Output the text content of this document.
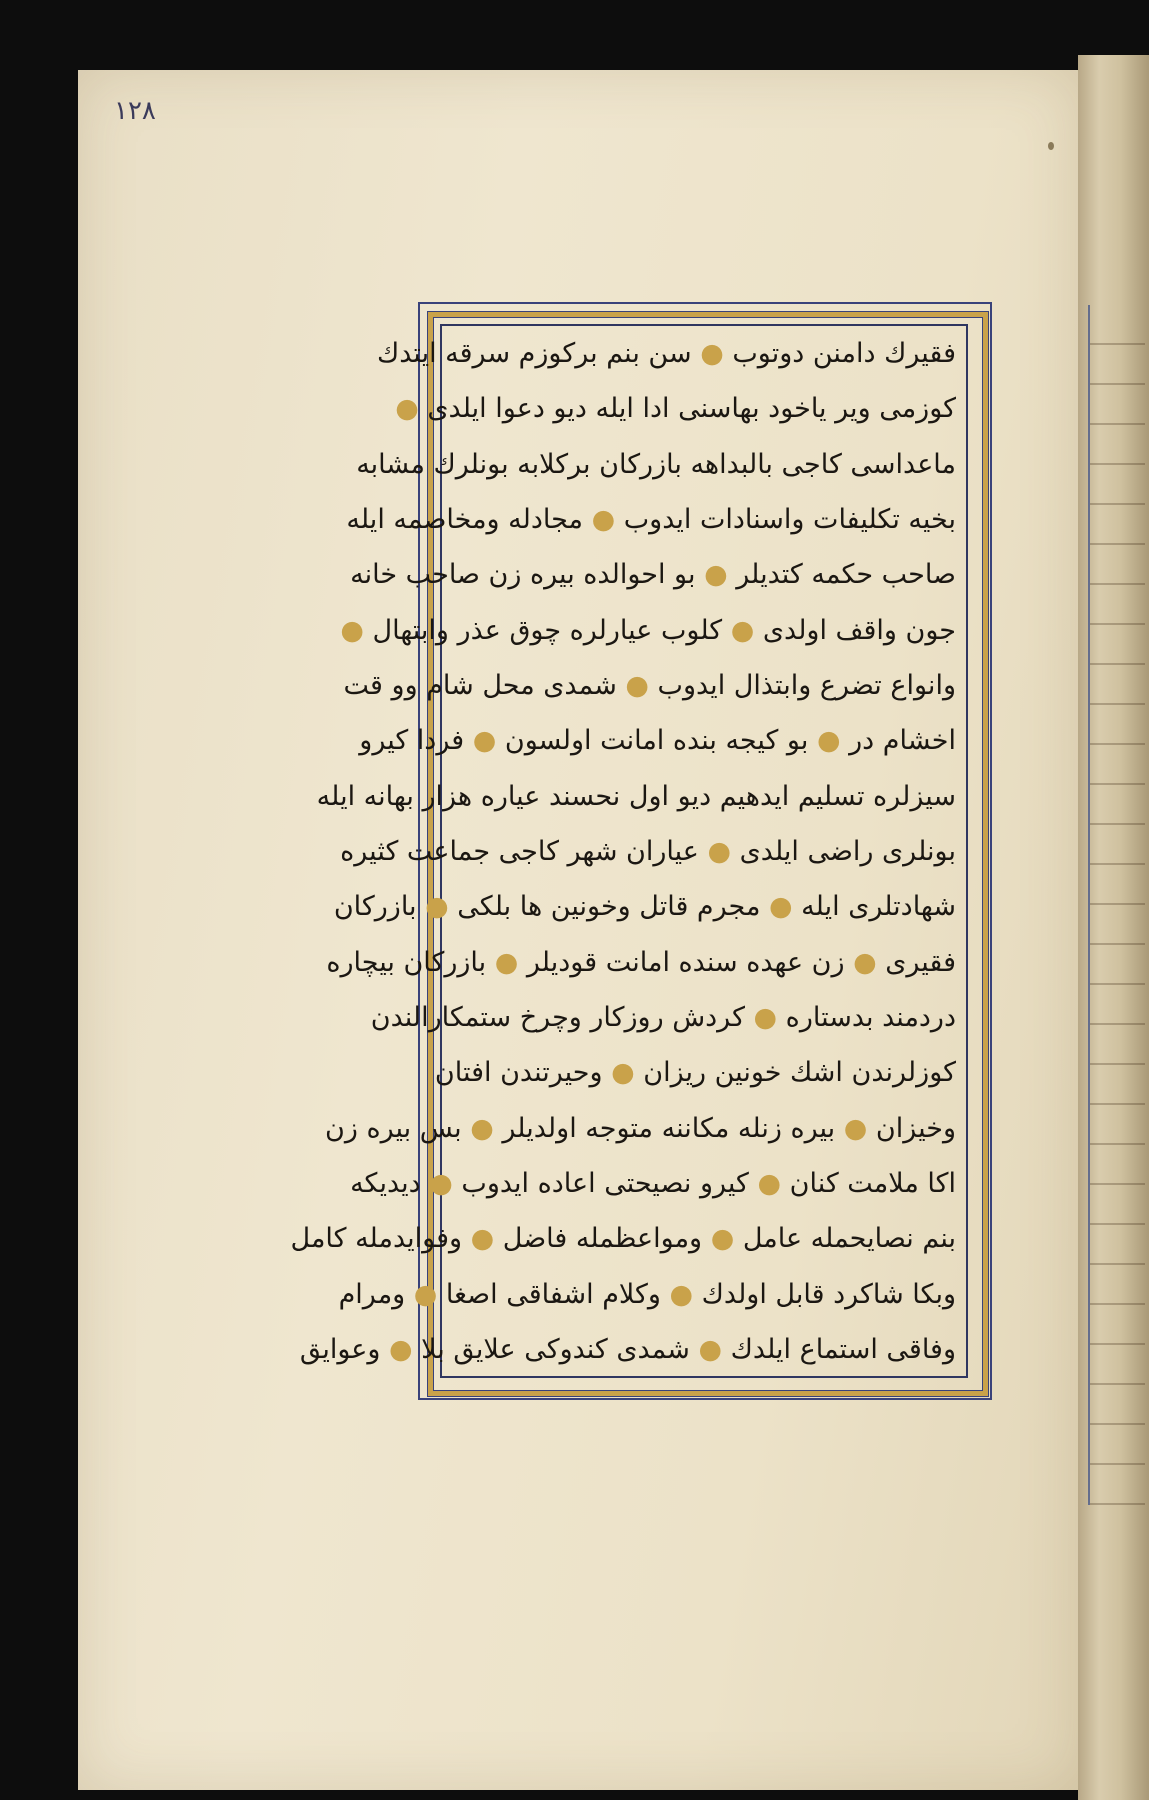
١٢٨
فقیرك دامنن دوتوب ● سن بنم برکوزم سرقه ایتدك
کوزمی ویر یاخود بهاسنی ادا ایله دیو دعوا ایلدی ●
ماعداسی کاجی بالبداهه بازرکان برکلابه بونلرك مشابه
بخیه تکلیفات واسنادات ایدوب ● مجادله ومخاصمه ایله
صاحب حکمه کتدیلر ● بو احوالده بیره زن صاحب خانه
جون واقف اولدی ● کلوب عیارلره چوق عذر وابتهال ●
وانواع تضرع وابتذال ایدوب ● شمدی محل شام وو قت
اخشام در ● بو کیجه بنده امانت اولسون ● فردا کیرو
سیزلره تسلیم ایدهیم دیو اول نحسند عیاره هزار بهانه ایله
بونلری راضی ایلدی ● عیاران شهر کاجی جماعت کثیره
شهادتلری ایله ● مجرم قاتل وخونین ها بلکی ● بازرکان
فقیری ● زن عهده سنده امانت قودیلر ● بازرکان بیچاره
دردمند بدستاره ● کردش روزکار وچرخ ستمکارالندن
کوزلرندن اشك خونین ریزان ● وحیرتندن افتان
وخیزان ● بیره زنله مکاننه متوجه اولدیلر ● بس بیره زن
اکا ملامت کنان ● کیرو نصیحتی اعاده ایدوب ● دیدیکه
بنم نصایحمله عامل ● ومواعظمله فاضل ● وفوایدمله کامل
وبکا شاکرد قابل اولدك ● وکلام اشفاقی اصغا ● ومرام
وفاقی استماع ایلدك ● شمدی کندوکی علایق بلا ● وعوایق
